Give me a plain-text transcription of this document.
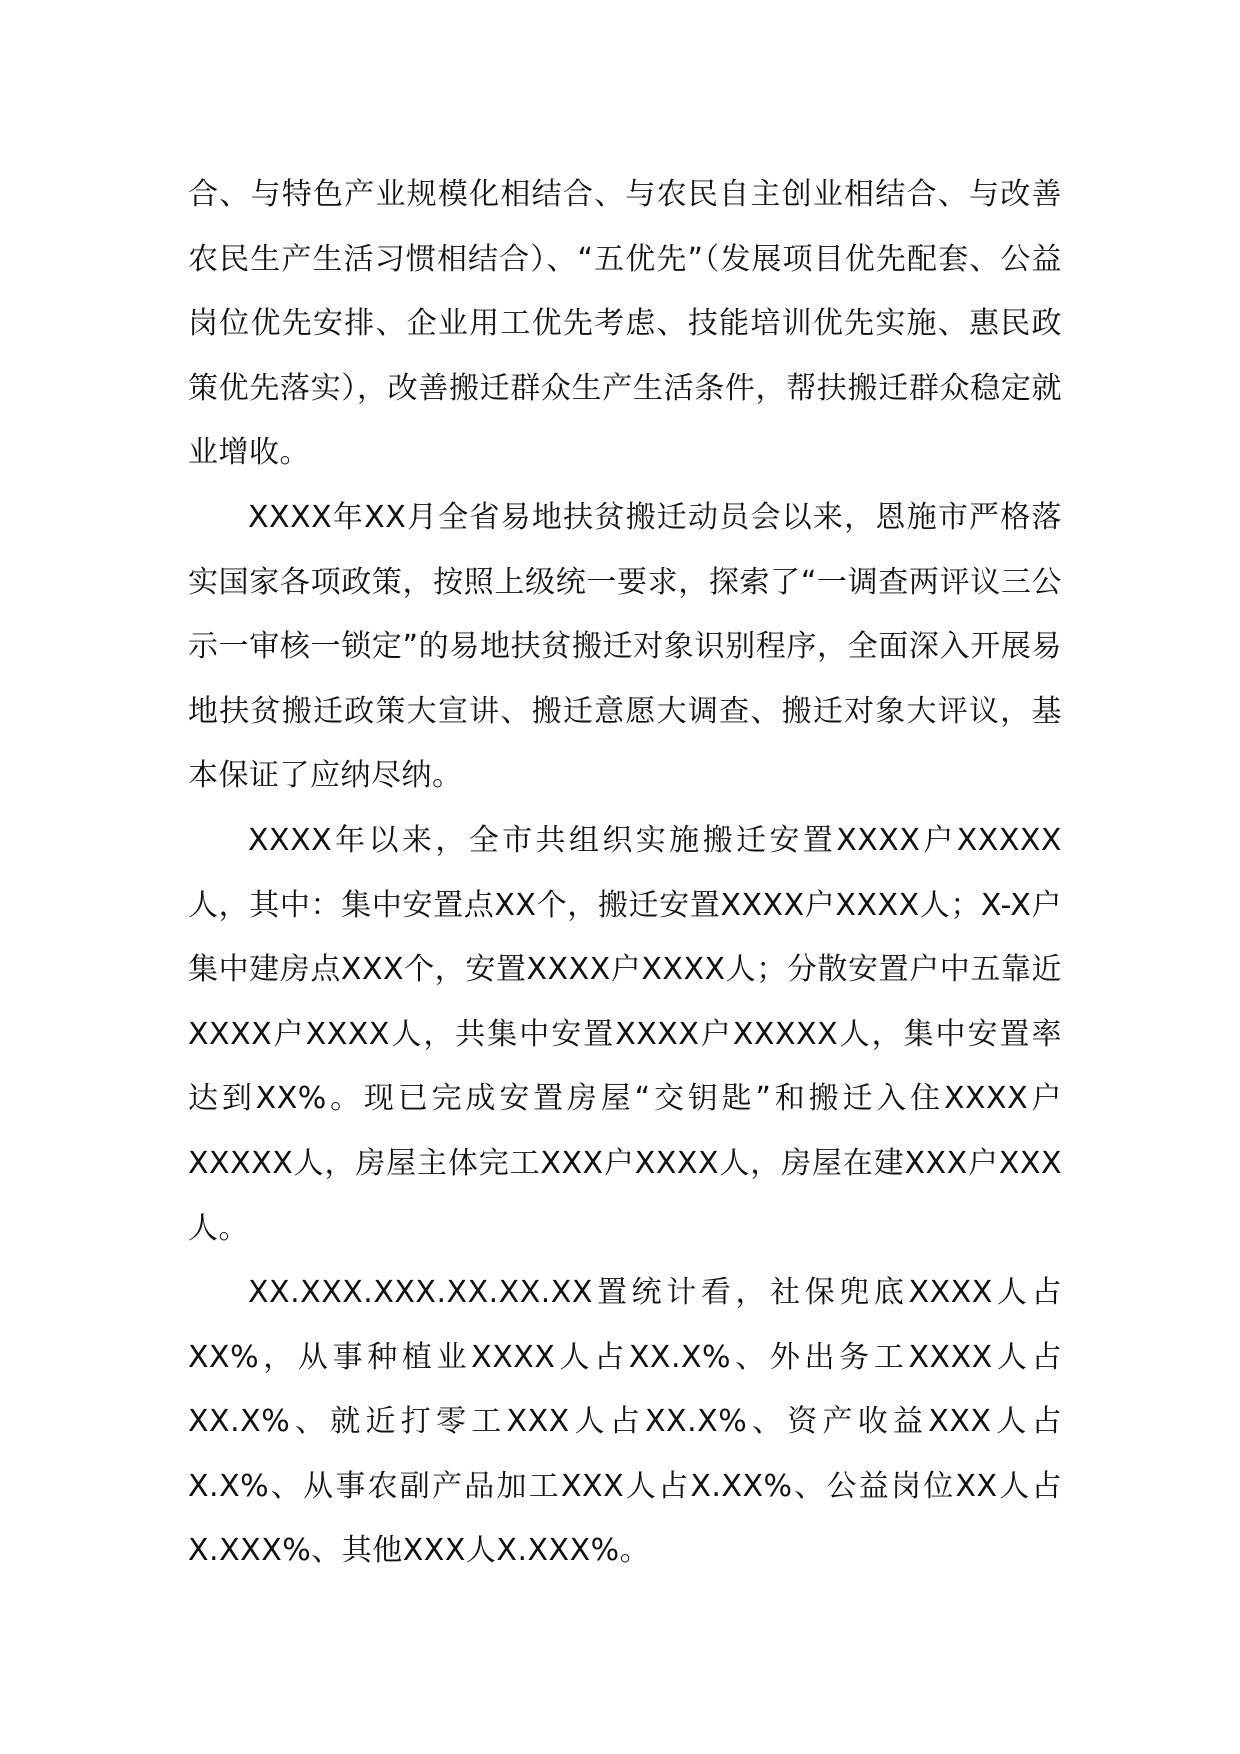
合、与特色产业规模化相结合、与农民自主创业相结合、与改善农民生产生活习惯相结合）、“五优先”（发展项目优先配套、公益岗位优先安排、企业用工优先考虑、技能培训优先实施、惠民政策优先落实），改善搬迁群众生产生活条件，帮扶搬迁群众稳定就业增收。

XXXX年XX月全省易地扶贫搬迁动员会以来，恩施市严格落实国家各项政策，按照上级统一要求，探索了“一调查两评议三公示一审核一锁定”的易地扶贫搬迁对象识别程序，全面深入开展易地扶贫搬迁政策大宣讲、搬迁意愿大调查、搬迁对象大评议，基本保证了应纳尽纳。

XXXX年以来，全市共组织实施搬迁安置XXXX户XXXXX人，其中：集中安置点XX个，搬迁安置XXXX户XXXX人；X-X户集中建房点XXX个，安置XXXX户XXXX人；分散安置户中五靠近XXXX户XXXX人，共集中安置XXXX户XXXXX人，集中安置率达到XX%。现已完成安置房屋“交钥匙”和搬迁入住XXXX户XXXXX人，房屋主体完工XXX户XXXX人，房屋在建XXX户XXX人。

XX.XXX.XXX.XX.XX.XX置统计看，社保兜底XXXX人占XX%，从事种植业XXXX人占XX.X%、外出务工XXXX人占XX.X%、就近打零工XXX人占XX.X%、资产收益XXX人占X.X%、从事农副产品加工XXX人占X.XX%、公益岗位XX人占X.XXX%、其他XXX人X.XXX%。
